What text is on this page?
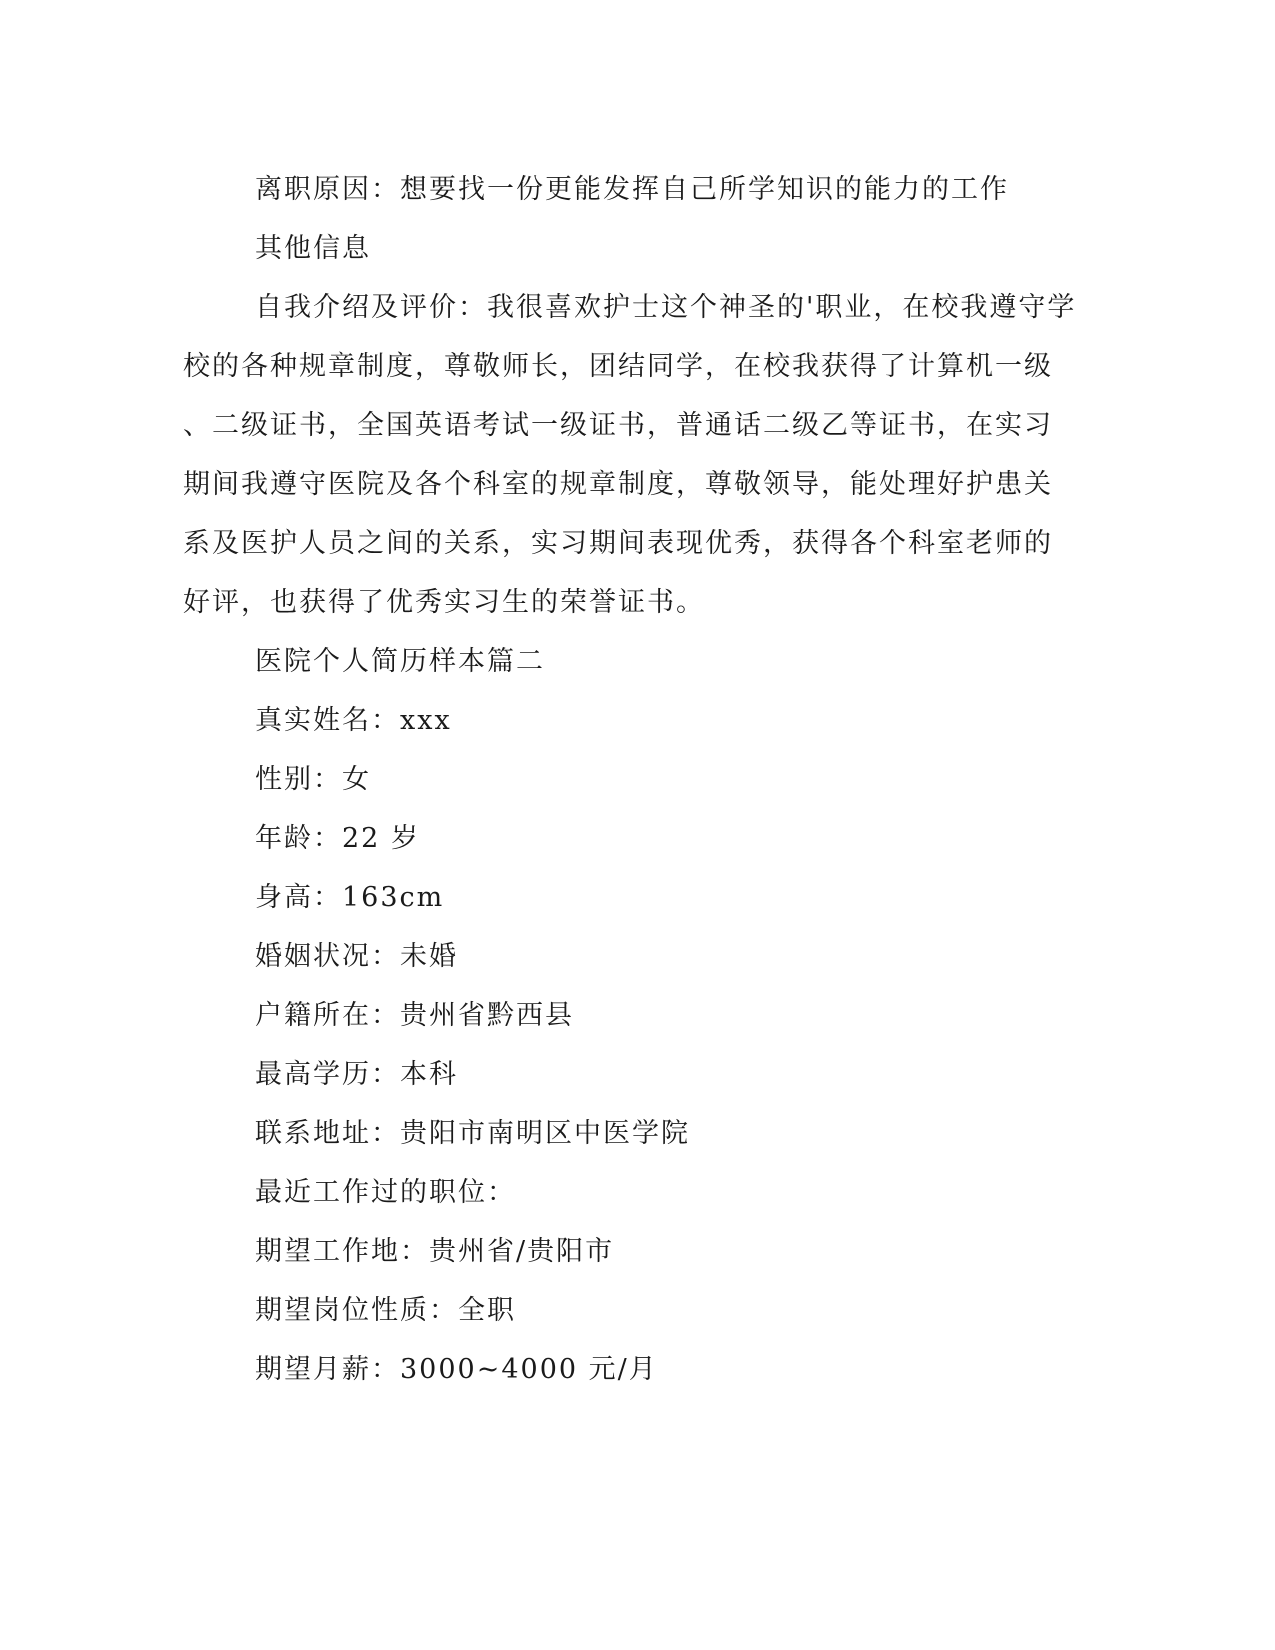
离职原因：想要找一份更能发挥自己所学知识的能力的工作

其他信息

自我介绍及评价：我很喜欢护士这个神圣的'职业，在校我遵守学

校的各种规章制度，尊敬师长，团结同学，在校我获得了计算机一级

、二级证书，全国英语考试一级证书，普通话二级乙等证书，在实习

期间我遵守医院及各个科室的规章制度，尊敬领导，能处理好护患关

系及医护人员之间的关系，实习期间表现优秀，获得各个科室老师的

好评，也获得了优秀实习生的荣誉证书。

医院个人简历样本篇二

真实姓名：xxx

性别：女

年龄：22 岁

身高：163cm

婚姻状况：未婚

户籍所在：贵州省黔西县

最高学历：本科

联系地址：贵阳市南明区中医学院

最近工作过的职位：

期望工作地：贵州省/贵阳市

期望岗位性质：全职

期望月薪：3000~4000 元/月
